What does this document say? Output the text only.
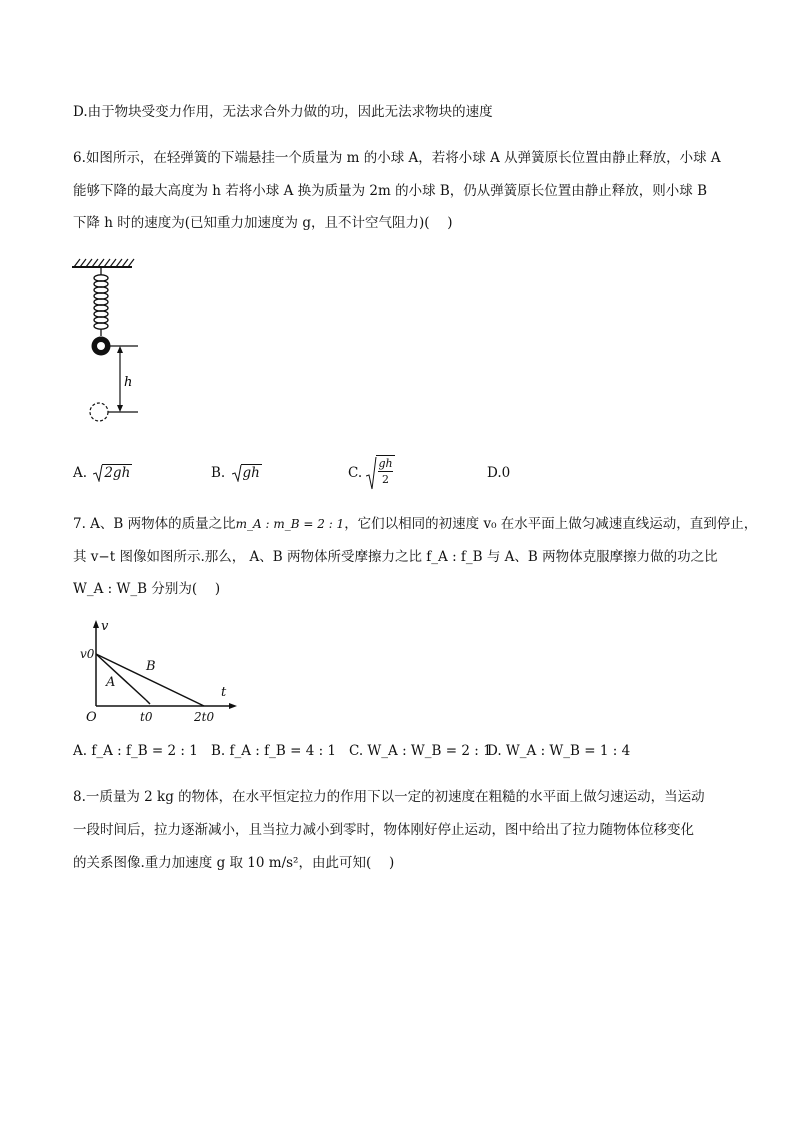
D.由于物块受变力作用，无法求合外力做的功，因此无法求物块的速度
6.如图所示，在轻弹簧的下端悬挂一个质量为 m 的小球 A，若将小球 A 从弹簧原长位置由静止释放，小球 A
能够下降的最大高度为 h 若将小球 A 换为质量为 2m 的小球 B，仍从弹簧原长位置由静止释放，则小球 B
下降 h 时的速度为(已知重力加速度为 g，且不计空气阻力)(　 )
h
A. 2gh	B. gh	C. $\frac{gh}{2}$	D.0
7. A、B 两物体的质量之比m_A : m_B = 2 : 1，它们以相同的初速度 v₀ 在水平面上做匀减速直线运动，直到停止，
其 v−t 图像如图所示.那么， A、B 两物体所受摩擦力之比 f_A : f_B 与 A、B 两物体克服摩擦力做的功之比
W_A : W_B 分别为(　 )
v
t
v0
O	t0	2t0
A
B
A. f_A : f_B = 2 : 1 B. f_A : f_B = 4 : 1 C. W_A : W_B = 2 : 1
D. W_A : W_B = 1 : 4
8.一质量为 2 kg 的物体，在水平恒定拉力的作用下以一定的初速度在粗糙的水平面上做匀速运动，当运动
一段时间后，拉力逐渐减小，且当拉力减小到零时，物体刚好停止运动，图中给出了拉力随物体位移变化
的关系图像.重力加速度 g 取 10 m/s²，由此可知(　 )
